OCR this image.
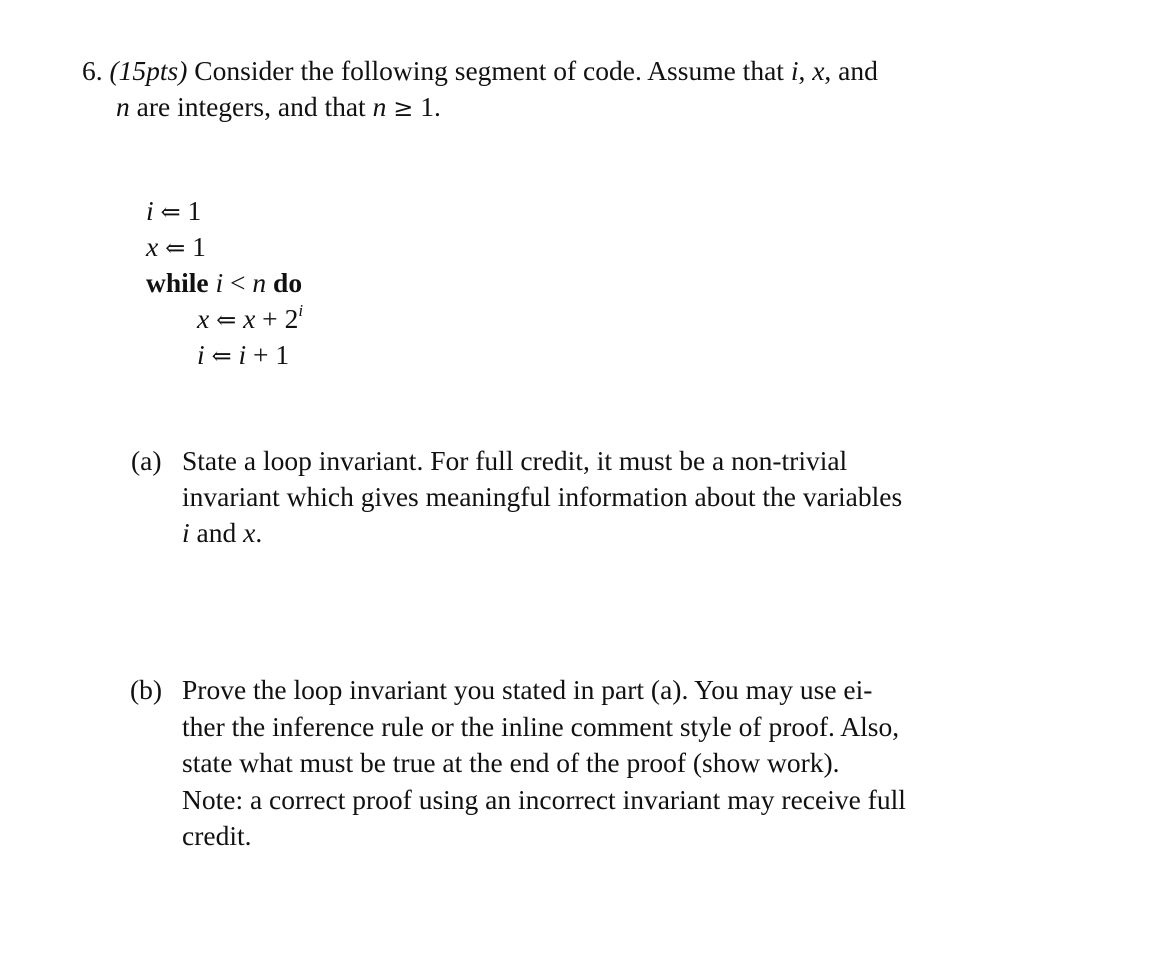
6. (15pts) Consider the following segment of code. Assume that i, x, and
n are integers, and that n ≥ 1.
i ⇐ 1
x ⇐ 1
while i < n do
x ⇐ $x + 2^i$
i ⇐ i + 1
(a) State a loop invariant. For full credit, it must be a non-trivial
invariant which gives meaningful information about the variables
i and x.
(b) Prove the loop invariant you stated in part (a). You may use ei-
ther the inference rule or the inline comment style of proof. Also,
state what must be true at the end of the proof (show work).
Note: a correct proof using an incorrect invariant may receive full
credit.
